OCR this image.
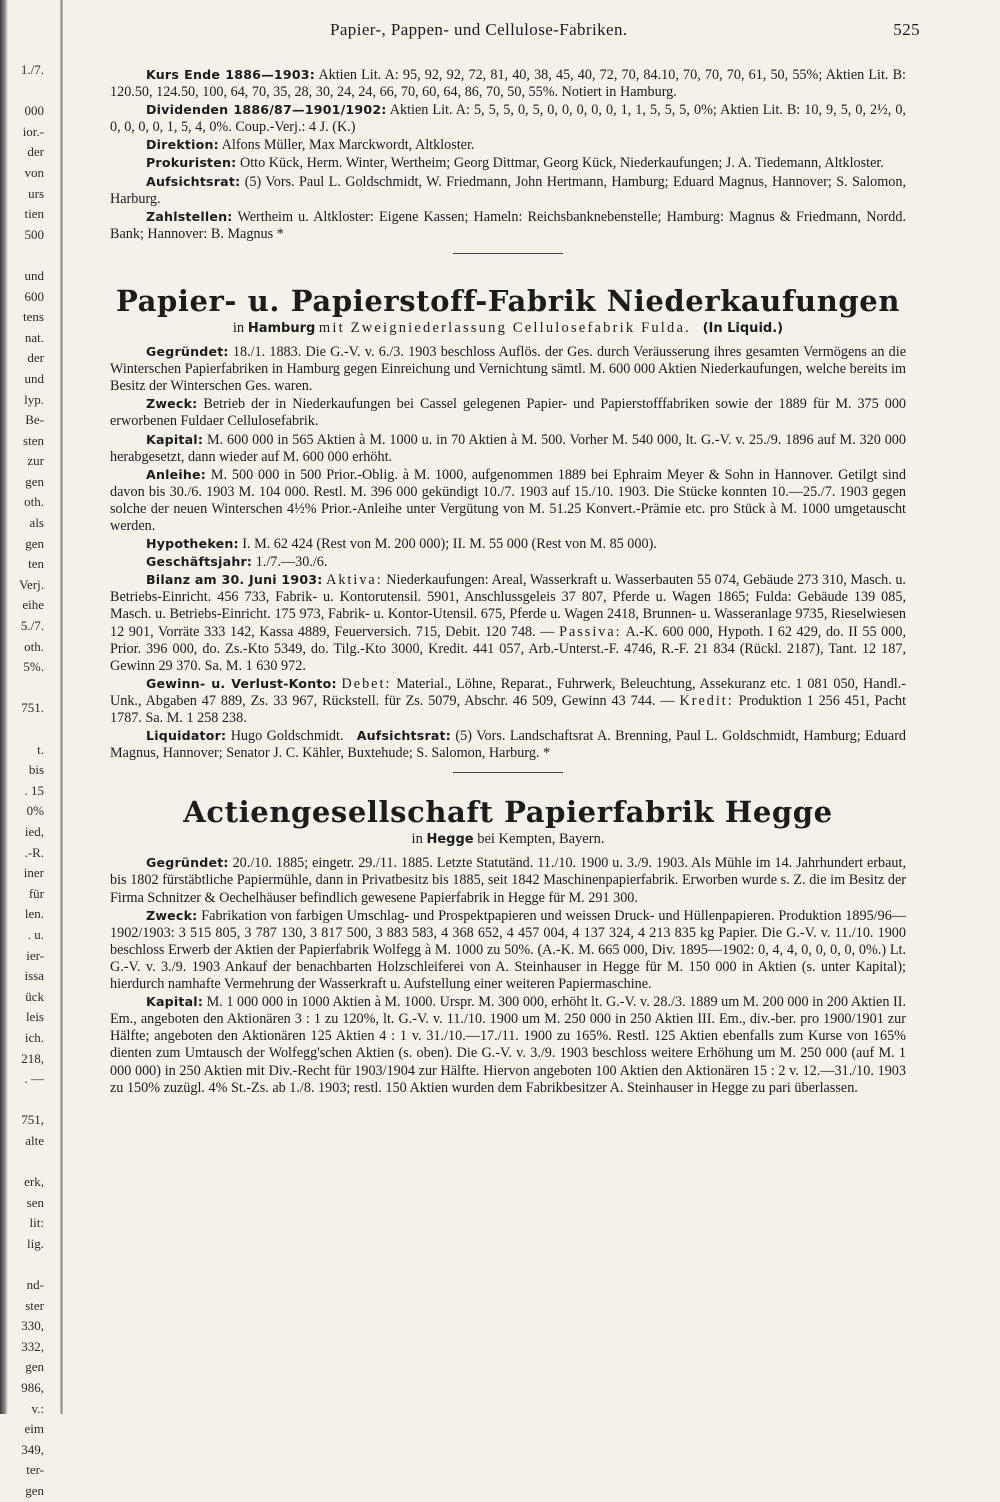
1./7.

000
ior.-
der
von
urs
tien
500

und
600
tens
nat.
der
und
lyp.
Be-
sten
zur
gen
oth.
als
gen
ten
Verj.
eihe
5./7.
oth.
5%.

751.

t.
bis
. 15
0%
ied,
.-R.
iner
für
len.
. u.
ier-
issa
ück
leis
ich.
218,
. —

751,
alte

erk,
sen
lit:
lig.

nd-
ster
330,
332,
gen
986,
v.:
eim
349,
ter-
gen
Papier-, Pappen- und Cellulose-Fabriken.	525

Kurs Ende 1886—1903: Aktien Lit. A: 95, 92, 92, 72, 81, 40, 38, 45, 40, 72, 70, 84.10, 70, 70, 70, 61, 50, 55%; Aktien Lit. B: 120.50, 124.50, 100, 64, 70, 35, 28, 30, 24, 24, 66, 70, 60, 64, 86, 70, 50, 55%. Notiert in Hamburg.

Dividenden 1886/87—1901/1902: Aktien Lit. A: 5, 5, 5, 0, 5, 0, 0, 0, 0, 0, 1, 1, 5, 5, 5, 0%; Aktien Lit. B: 10, 9, 5, 0, 2½, 0, 0, 0, 0, 0, 1, 5, 4, 0%. Coup.-Verj.: 4 J. (K.)

Direktion: Alfons Müller, Max Marckwordt, Altkloster.

Prokuristen: Otto Kück, Herm. Winter, Wertheim; Georg Dittmar, Georg Kück, Niederkaufungen; J. A. Tiedemann, Altkloster.

Aufsichtsrat: (5) Vors. Paul L. Goldschmidt, W. Friedmann, John Hertmann, Hamburg; Eduard Magnus, Hannover; S. Salomon, Harburg.

Zahlstellen: Wertheim u. Altkloster: Eigene Kassen; Hameln: Reichsbanknebenstelle; Hamburg: Magnus & Friedmann, Nordd. Bank; Hannover: B. Magnus *

Papier- u. Papierstoff-Fabrik Niederkaufungen
in Hamburg mit Zweigniederlassung Cellulosefabrik Fulda. (In Liquid.)

Gegründet: 18./1. 1883. Die G.-V. v. 6./3. 1903 beschloss Auflös. der Ges. durch Veräusserung ihres gesamten Vermögens an die Winterschen Papierfabriken in Hamburg gegen Einreichung und Vernichtung sämtl. M. 600 000 Aktien Niederkaufungen, welche bereits im Besitz der Winterschen Ges. waren.

Zweck: Betrieb der in Niederkaufungen bei Cassel gelegenen Papier- und Papierstofffabriken sowie der 1889 für M. 375 000 erworbenen Fuldaer Cellulosefabrik.

Kapital: M. 600 000 in 565 Aktien à M. 1000 u. in 70 Aktien à M. 500. Vorher M. 540 000, lt. G.-V. v. 25./9. 1896 auf M. 320 000 herabgesetzt, dann wieder auf M. 600 000 erhöht.

Anleihe: M. 500 000 in 500 Prior.-Oblig. à M. 1000, aufgenommen 1889 bei Ephraim Meyer & Sohn in Hannover. Getilgt sind davon bis 30./6. 1903 M. 104 000. Restl. M. 396 000 gekündigt 10./7. 1903 auf 15./10. 1903. Die Stücke konnten 10.—25./7. 1903 gegen solche der neuen Winterschen 4½% Prior.-Anleihe unter Vergütung von M. 51.25 Konvert.-Prämie etc. pro Stück à M. 1000 umgetauscht werden.

Hypotheken: I. M. 62 424 (Rest von M. 200 000); II. M. 55 000 (Rest von M. 85 000).

Geschäftsjahr: 1./7.—30./6.

Bilanz am 30. Juni 1903: Aktiva: Niederkaufungen: Areal, Wasserkraft u. Wasserbauten 55 074, Gebäude 273 310, Masch. u. Betriebs-Einricht. 456 733, Fabrik- u. Kontorutensil. 5901, Anschlussgeleis 37 807, Pferde u. Wagen 1865; Fulda: Gebäude 139 085, Masch. u. Betriebs-Einricht. 175 973, Fabrik- u. Kontor-Utensil. 675, Pferde u. Wagen 2418, Brunnen- u. Wasseranlage 9735, Rieselwiesen 12 901, Vorräte 333 142, Kassa 4889, Feuerversich. 715, Debit. 120 748. — Passiva: A.-K. 600 000, Hypoth. I 62 429, do. II 55 000, Prior. 396 000, do. Zs.-Kto 5349, do. Tilg.-Kto 3000, Kredit. 441 057, Arb.-Unterst.-F. 4746, R.-F. 21 834 (Rückl. 2187), Tant. 12 187, Gewinn 29 370. Sa. M. 1 630 972.

Gewinn- u. Verlust-Konto: Debet: Material., Löhne, Reparat., Fuhrwerk, Beleuchtung, Assekuranz etc. 1 081 050, Handl.-Unk., Abgaben 47 889, Zs. 33 967, Rückstell. für Zs. 5079, Abschr. 46 509, Gewinn 43 744. — Kredit: Produktion 1 256 451, Pacht 1787. Sa. M. 1 258 238.

Liquidator: Hugo Goldschmidt. Aufsichtsrat: (5) Vors. Landschaftsrat A. Brenning, Paul L. Goldschmidt, Hamburg; Eduard Magnus, Hannover; Senator J. C. Kähler, Buxtehude; S. Salomon, Harburg. *

Actiengesellschaft Papierfabrik Hegge
in Hegge bei Kempten, Bayern.

Gegründet: 20./10. 1885; eingetr. 29./11. 1885. Letzte Statutänd. 11./10. 1900 u. 3./9. 1903. Als Mühle im 14. Jahrhundert erbaut, bis 1802 fürstäbtliche Papiermühle, dann in Privatbesitz bis 1885, seit 1842 Maschinenpapierfabrik. Erworben wurde s. Z. die im Besitz der Firma Schnitzer & Oechelhäuser befindlich gewesene Papierfabrik in Hegge für M. 291 300.

Zweck: Fabrikation von farbigen Umschlag- und Prospektpapieren und weissen Druck- und Hüllenpapieren. Produktion 1895/96—1902/1903: 3 515 805, 3 787 130, 3 817 500, 3 883 583, 4 368 652, 4 457 004, 4 137 324, 4 213 835 kg Papier. Die G.-V. v. 11./10. 1900 beschloss Erwerb der Aktien der Papierfabrik Wolfegg à M. 1000 zu 50%. (A.-K. M. 665 000, Div. 1895—1902: 0, 4, 4, 0, 0, 0, 0, 0%.) Lt. G.-V. v. 3./9. 1903 Ankauf der benachbarten Holzschleiferei von A. Steinhauser in Hegge für M. 150 000 in Aktien (s. unter Kapital); hierdurch namhafte Vermehrung der Wasserkraft u. Aufstellung einer weiteren Papiermaschine.

Kapital: M. 1 000 000 in 1000 Aktien à M. 1000. Urspr. M. 300 000, erhöht lt. G.-V. v. 28./3. 1889 um M. 200 000 in 200 Aktien II. Em., angeboten den Aktionären 3 : 1 zu 120%, lt. G.-V. v. 11./10. 1900 um M. 250 000 in 250 Aktien III. Em., div.-ber. pro 1900/1901 zur Hälfte; angeboten den Aktionären 125 Aktien 4 : 1 v. 31./10.—17./11. 1900 zu 165%. Restl. 125 Aktien ebenfalls zum Kurse von 165% dienten zum Umtausch der Wolfegg'schen Aktien (s. oben). Die G.-V. v. 3./9. 1903 beschloss weitere Erhöhung um M. 250 000 (auf M. 1 000 000) in 250 Aktien mit Div.-Recht für 1903/1904 zur Hälfte. Hiervon angeboten 100 Aktien den Aktionären 15 : 2 v. 12.—31./10. 1903 zu 150% zuzügl. 4% St.-Zs. ab 1./8. 1903; restl. 150 Aktien wurden dem Fabrikbesitzer A. Steinhauser in Hegge zu pari überlassen.
